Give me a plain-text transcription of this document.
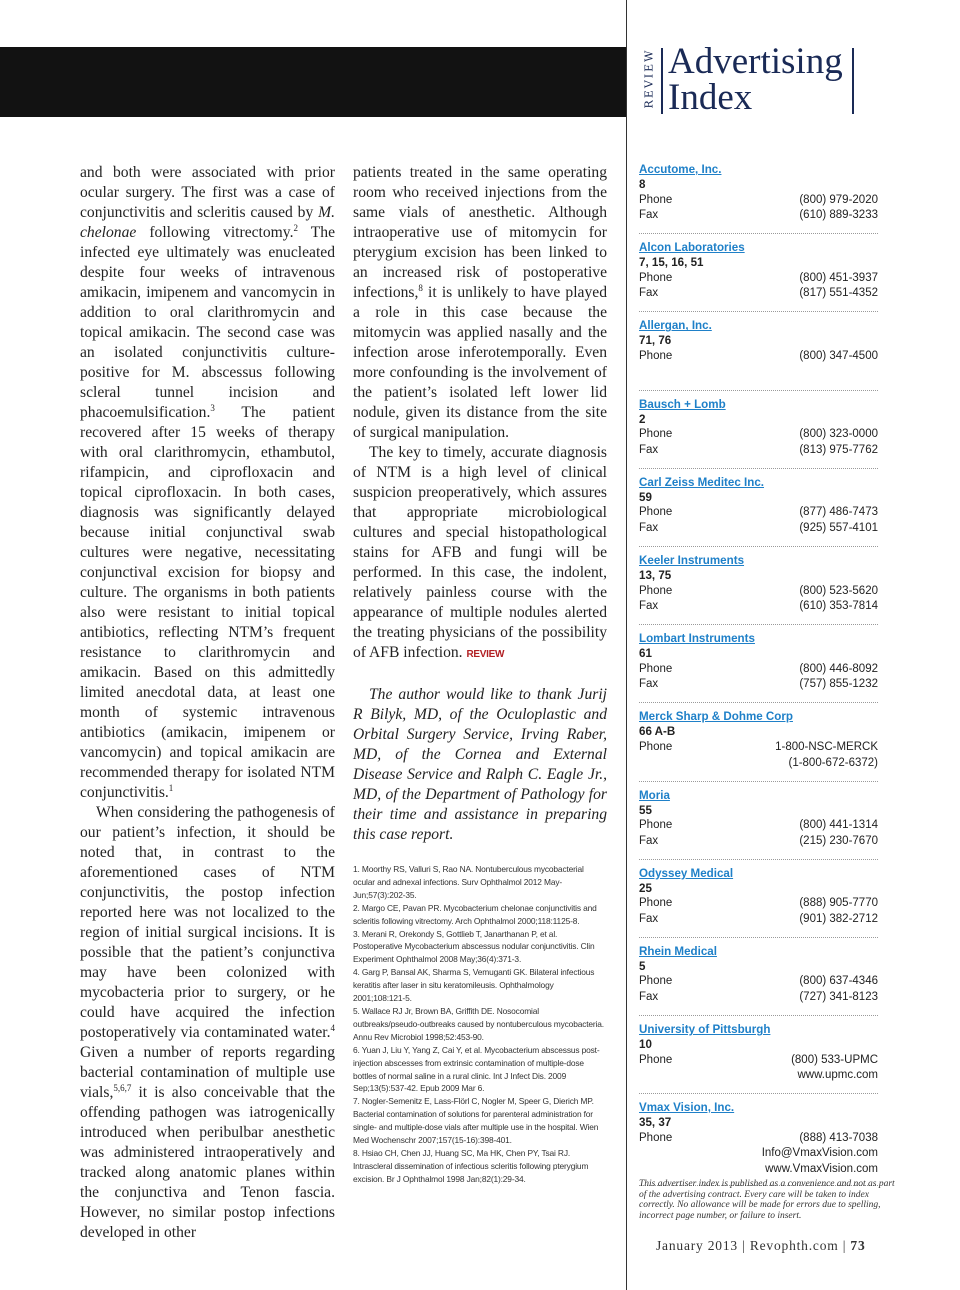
REVIEW Advertising
Index

and both were associated with prior ocular surgery. The first was a case of conjunctivitis and scleritis caused by M. chelonae following vitrectomy.$^2$ The infected eye ultimately was enucleated despite four weeks of intravenous amikacin, imipenem and vancomycin in addition to oral clarithromycin and topical amikacin. The second case was an isolated conjunctivitis culture-positive for M. abscessus following scleral tunnel incision and phacoemulsification.$^3$ The patient recovered after 15 weeks of therapy with oral clarithromycin, ethambutol, rifampicin, and ciprofloxacin and topical ciprofloxacin. In both cases, diagnosis was significantly delayed because initial conjunctival swab cultures were negative, necessitating conjunctival excision for biopsy and culture. The organisms in both patients also were resistant to initial topical antibiotics, reflecting NTM’s frequent resistance to clarithromycin and amikacin. Based on this admittedly limited anecdotal data, at least one month of systemic intravenous antibiotics (amikacin, imipenem or vancomycin) and topical amikacin are recommended therapy for isolated NTM conjunctivitis.$^1$

When considering the pathogenesis of our patient’s infection, it should be noted that, in contrast to the aforementioned cases of NTM conjunctivitis, the postop infection reported here was not localized to the region of initial surgical incisions. It is possible that the patient’s conjunctiva may have been colonized with mycobacteria prior to surgery, or he could have acquired the infection postoperatively via contaminated water.$^4$ Given a number of reports regarding bacterial contamination of multiple use vials,$^{5,6,7}$ it is also conceivable that the offending pathogen was iatrogenically introduced when peribulbar anesthetic was administered intraoperatively and tracked along anatomic planes within the conjunctiva and Tenon fascia. However, no similar postop infections developed in other

patients treated in the same operating room who received injections from the same vials of anesthetic. Although intraoperative use of mitomycin for pterygium excision has been linked to an increased risk of postoperative infections,$^8$ it is unlikely to have played a role in this case because the mitomycin was applied nasally and the infection arose inferotemporally. Even more confounding is the involvement of the patient’s isolated left lower lid nodule, given its distance from the site of surgical manipulation.

The key to timely, accurate diagnosis of NTM is a high level of clinical suspicion preoperatively, which assures that appropriate microbiological cultures and special histopathological stains for AFB and fungi will be performed. In this case, the indolent, relatively painless course with the appearance of multiple nodules alerted the treating physicians of the possibility of AFB infection. REVIEW

The author would like to thank Jurij R Bilyk, MD, of the Oculoplastic and Orbital Surgery Service, Irving Raber, MD, of the Cornea and External Disease Service and Ralph C. Eagle Jr., MD, of the Department of Pathology for their time and assistance in preparing this case report.

1. Moorthy RS, Valluri S, Rao NA. Nontuberculous mycobacterial ocular and adnexal infections. Surv Ophthalmol 2012 May-Jun;57(3):202-35.
2. Margo CE, Pavan PR. Mycobacterium chelonae conjunctivitis and scleritis following vitrectomy. Arch Ophthalmol 2000;118:1125-8.
3. Merani R, Orekondy S, Gottlieb T, Janarthanan P, et al. Postoperative Mycobacterium abscessus nodular conjunctivitis. Clin Experiment Ophthalmol 2008 May;36(4):371-3.
4. Garg P, Bansal AK, Sharma S, Vemuganti GK. Bilateral infectious keratitis after laser in situ keratomileusis. Ophthalmology 2001;108:121-5.
5. Wallace RJ Jr, Brown BA, Griffith DE. Nosocomial outbreaks/pseudo-outbreaks caused by nontuberculous mycobacteria. Annu Rev Microbiol 1998;52:453-90.
6. Yuan J, Liu Y, Yang Z, Cai Y, et al. Mycobacterium abscessus post-injection abscesses from extrinsic contamination of multiple-dose bottles of normal saline in a rural clinic. Int J Infect Dis. 2009 Sep;13(5):537-42. Epub 2009 Mar 6.
7. Nogler-Semenitz E, Lass-Flörl C, Nogler M, Speer G, Dierich MP. Bacterial contamination of solutions for parenteral administration for single- and multiple-dose vials after multiple use in the hospital. Wien Med Wochenschr 2007;157(15-16):398-401.
8. Hsiao CH, Chen JJ, Huang SC, Ma HK, Chen PY, Tsai RJ. Intrascleral dissemination of infectious scleritis following pterygium excision. Br J Ophthalmol 1998 Jan;82(1):29-34.
Accutome, Inc.
8
Phone	(800) 979-2020
Fax	(610) 889-3233
Alcon Laboratories
7, 15, 16, 51
Phone	(800) 451-3937
Fax	(817) 551-4352
Allergan, Inc.
71, 76
Phone	(800) 347-4500
Bausch + Lomb
2
Phone	(800) 323-0000
Fax	(813) 975-7762
Carl Zeiss Meditec Inc.
59
Phone	(877) 486-7473
Fax	(925) 557-4101
Keeler Instruments
13, 75
Phone	(800) 523-5620
Fax	(610) 353-7814
Lombart Instruments
61
Phone	(800) 446-8092
Fax	(757) 855-1232
Merck Sharp & Dohme Corp
66 A-B
Phone	1-800-NSC-MERCK
(1-800-672-6372)
Moria
55
Phone	(800) 441-1314
Fax	(215) 230-7670
Odyssey Medical
25
Phone	(888) 905-7770
Fax	(901) 382-2712
Rhein Medical
5
Phone	(800) 637-4346
Fax	(727) 341-8123
University of Pittsburgh
10
Phone	(800) 533-UPMC
www.upmc.com
Vmax Vision, Inc.
35, 37
Phone	(888) 413-7038
Info@VmaxVision.com
www.VmaxVision.com
This advertiser index is published as a convenience and not as part of the advertising contract. Every care will be taken to index correctly. No allowance will be made for errors due to spelling, incorrect page number, or failure to insert.
January 2013 | Revophth.com | 73
